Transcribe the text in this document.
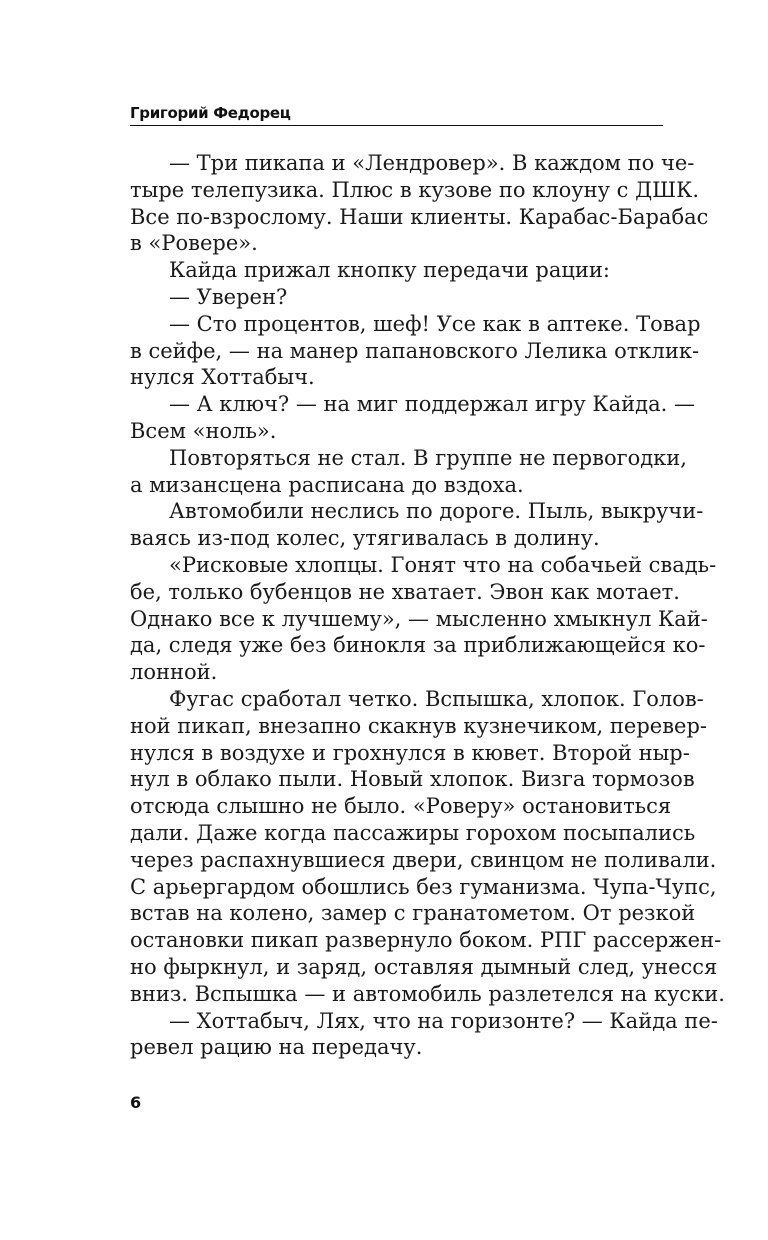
Григорий Федорец
— Три пикапа и «Лендровер». В каждом по че-
тыре телепузика. Плюс в кузове по клоуну с ДШК.
Все по-взрослому. Наши клиенты. Карабас-Барабас
в «Ровере».
Кайда прижал кнопку передачи рации:
— Уверен?
— Сто процентов, шеф! Усе как в аптеке. Товар
в сейфе, — на манер папановского Лелика отклик-
нулся Хоттабыч.
— А ключ? — на миг поддержал игру Кайда. —
Всем «ноль».
Повторяться не стал. В группе не первогодки,
а мизансцена расписана до вздоха.
Автомобили неслись по дороге. Пыль, выкручи-
ваясь из-под колес, утягивалась в долину.
«Рисковые хлопцы. Гонят что на собачьей свадь-
бе, только бубенцов не хватает. Эвон как мотает.
Однако все к лучшему», — мысленно хмыкнул Кай-
да, следя уже без бинокля за приближающейся ко-
лонной.
Фугас сработал четко. Вспышка, хлопок. Голов-
ной пикап, внезапно скакнув кузнечиком, перевер-
нулся в воздухе и грохнулся в кювет. Второй ныр-
нул в облако пыли. Новый хлопок. Визга тормозов
отсюда слышно не было. «Роверу» остановиться
дали. Даже когда пассажиры горохом посыпались
через распахнувшиеся двери, свинцом не поливали.
С арьергардом обошлись без гуманизма. Чупа-Чупс,
встав на колено, замер с гранатометом. От резкой
остановки пикап развернуло боком. РПГ рассержен-
но фыркнул, и заряд, оставляя дымный след, унесся
вниз. Вспышка — и автомобиль разлетелся на куски.
— Хоттабыч, Лях, что на горизонте? — Кайда пе-
ревел рацию на передачу.
6
